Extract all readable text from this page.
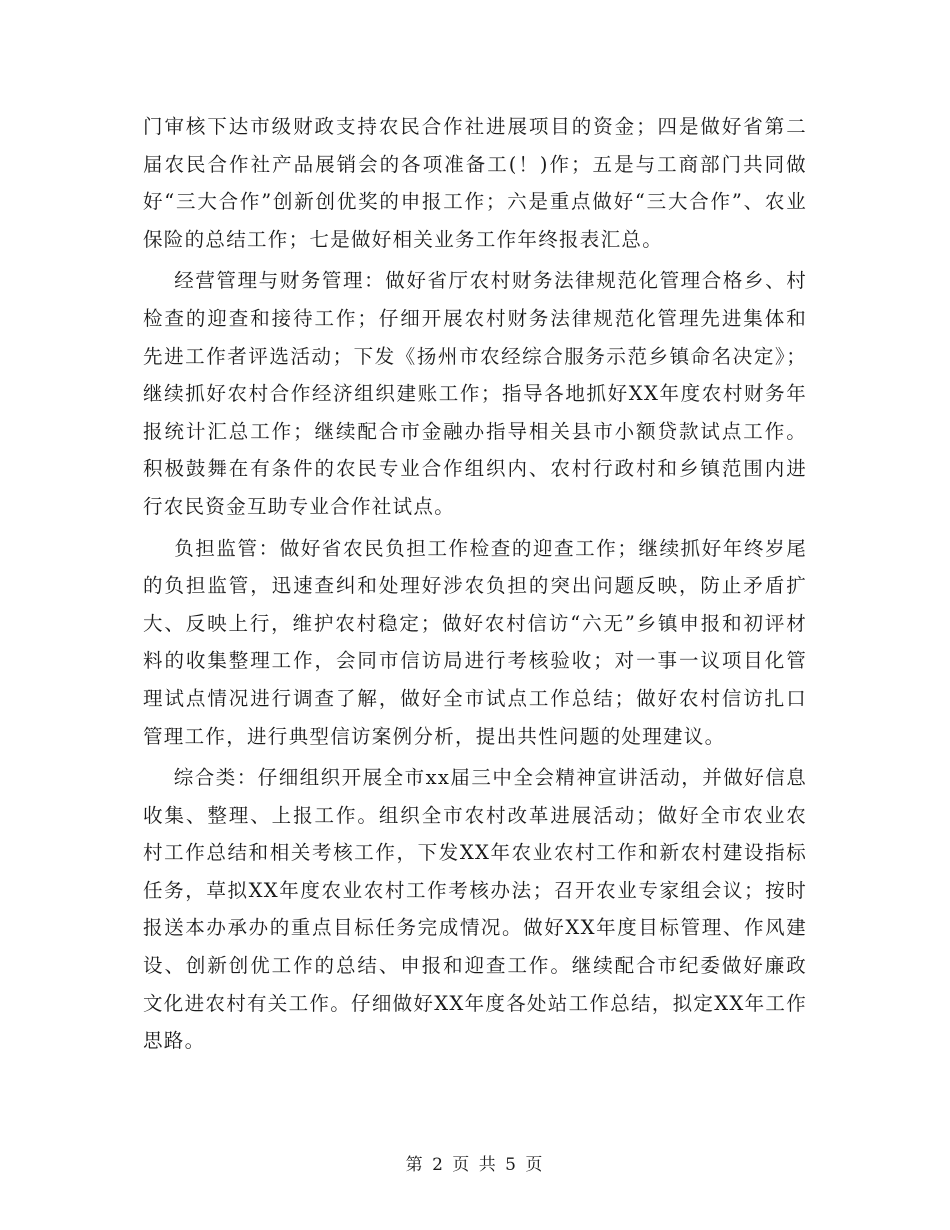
门审核下达市级财政支持农民合作社进展项目的资金；四是做好省第二届农民合作社产品展销会的各项准备工(！)作；五是与工商部门共同做好“三大合作”创新创优奖的申报工作；六是重点做好“三大合作”、农业保险的总结工作；七是做好相关业务工作年终报表汇总。

经营管理与财务管理：做好省厅农村财务法律规范化管理合格乡、村检查的迎查和接待工作；仔细开展农村财务法律规范化管理先进集体和先进工作者评选活动；下发《扬州市农经综合服务示范乡镇命名决定》；继续抓好农村合作经济组织建账工作；指导各地抓好XX年度农村财务年报统计汇总工作；继续配合市金融办指导相关县市小额贷款试点工作。积极鼓舞在有条件的农民专业合作组织内、农村行政村和乡镇范围内进行农民资金互助专业合作社试点。

负担监管：做好省农民负担工作检查的迎查工作；继续抓好年终岁尾的负担监管，迅速查纠和处理好涉农负担的突出问题反映，防止矛盾扩大、反映上行，维护农村稳定；做好农村信访“六无”乡镇申报和初评材料的收集整理工作，会同市信访局进行考核验收；对一事一议项目化管理试点情况进行调查了解，做好全市试点工作总结；做好农村信访扎口管理工作，进行典型信访案例分析，提出共性问题的处理建议。

综合类：仔细组织开展全市xx届三中全会精神宣讲活动，并做好信息收集、整理、上报工作。组织全市农村改革进展活动；做好全市农业农村工作总结和相关考核工作，下发XX年农业农村工作和新农村建设指标任务，草拟XX年度农业农村工作考核办法；召开农业专家组会议；按时报送本办承办的重点目标任务完成情况。做好XX年度目标管理、作风建设、创新创优工作的总结、申报和迎查工作。继续配合市纪委做好廉政文化进农村有关工作。仔细做好XX年度各处站工作总结，拟定XX年工作思路。

第 2 页 共 5 页
